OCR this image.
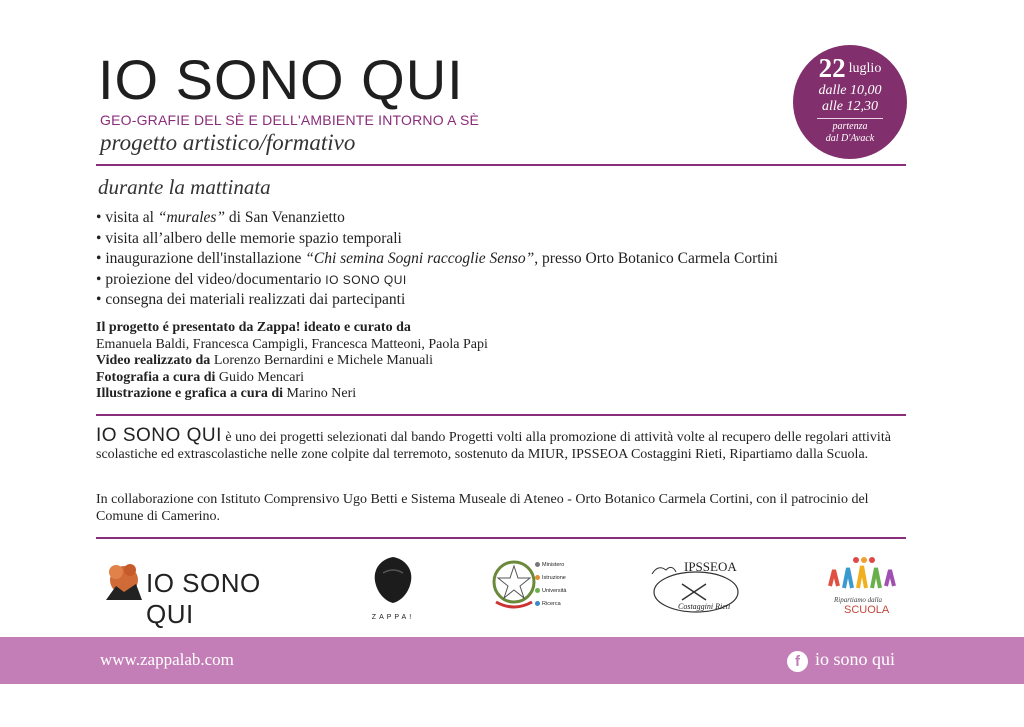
IO SONO QUI
GEO-GRAFIE DEL SÈ E DELL'AMBIENTE INTORNO A SÈ
progetto artistico/formativo
22 luglio
dalle 10,00
alle 12,30
partenza
dal D'Avack
durante la mattinata
• visita al “murales” di San Venanzietto
• visita all’albero delle memorie spazio temporali
• inaugurazione dell'installazione “Chi semina Sogni raccoglie Senso”, presso Orto Botanico Carmela Cortini
• proiezione del video/documentario IO SONO QUI
• consegna dei materiali realizzati dai partecipanti
Il progetto é presentato da Zappa! ideato e curato da
Emanuela Baldi, Francesca Campigli, Francesca Matteoni, Paola Papi
Video realizzato da Lorenzo Bernardini e Michele Manuali
Fotografia a cura di Guido Mencari
Illustrazione e grafica a cura di Marino Neri
IO SONO QUI è uno dei progetti selezionati dal bando Progetti volti alla promozione di attività volte al recupero delle regolari attività scolastiche ed extrascolastiche nelle zone colpite dal terremoto, sostenuto da MIUR, IPSSEOA Costaggini Rieti, Ripartiamo dalla Scuola.
In collaborazione con Istituto Comprensivo Ugo Betti e Sistema Museale di Ateneo - Orto Botanico Carmela Cortini, con il patrocinio del Comune di Camerino.
IO SONO QUI	ZAPPA!
Ministero
Istruzione
Università
Ricerca
IPSSEOA
Costaggini Rieti
Ripartiamo dalla
SCUOLA
www.zappalab.com	f io sono qui
